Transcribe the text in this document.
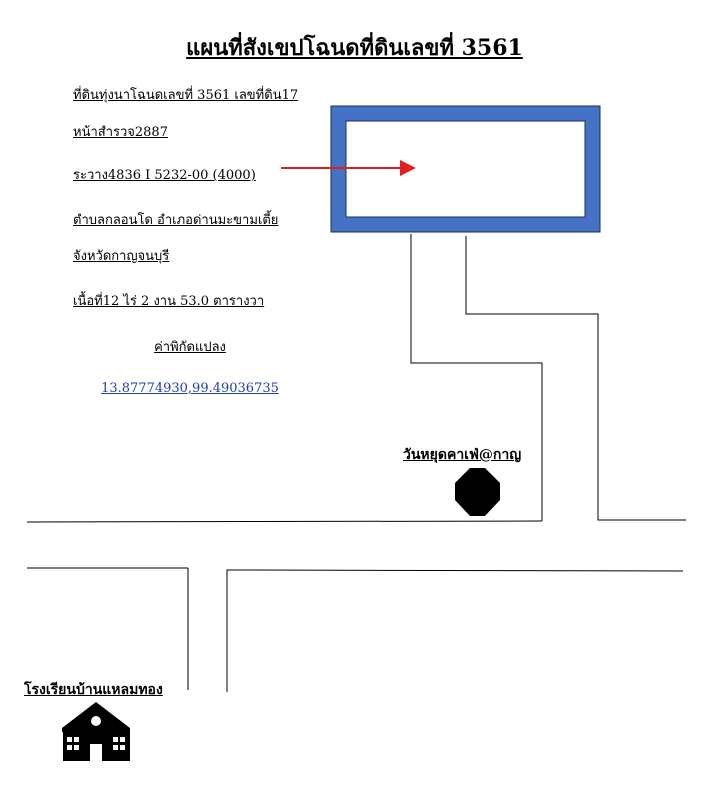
แผนที่สังเขปโฉนดที่ดินเลขที่ 3561
ที่ดินทุ่งนาโฉนดเลขที่ 3561 เลขที่ดิน17
หน้าสำรวจ2887
ระวาง4836 I 5232-00 (4000)
ตำบลกลอนโด อำเภอด่านมะขามเตี้ย
จังหวัดกาญจนบุรี
เนื้อที่12 ไร่ 2 งาน 53.0 ตารางวา
ค่าพิกัดแปลง
13.87774930,99.49036735
วันหยุดคาเฟ่@กาญ
โรงเรียนบ้านแหลมทอง
